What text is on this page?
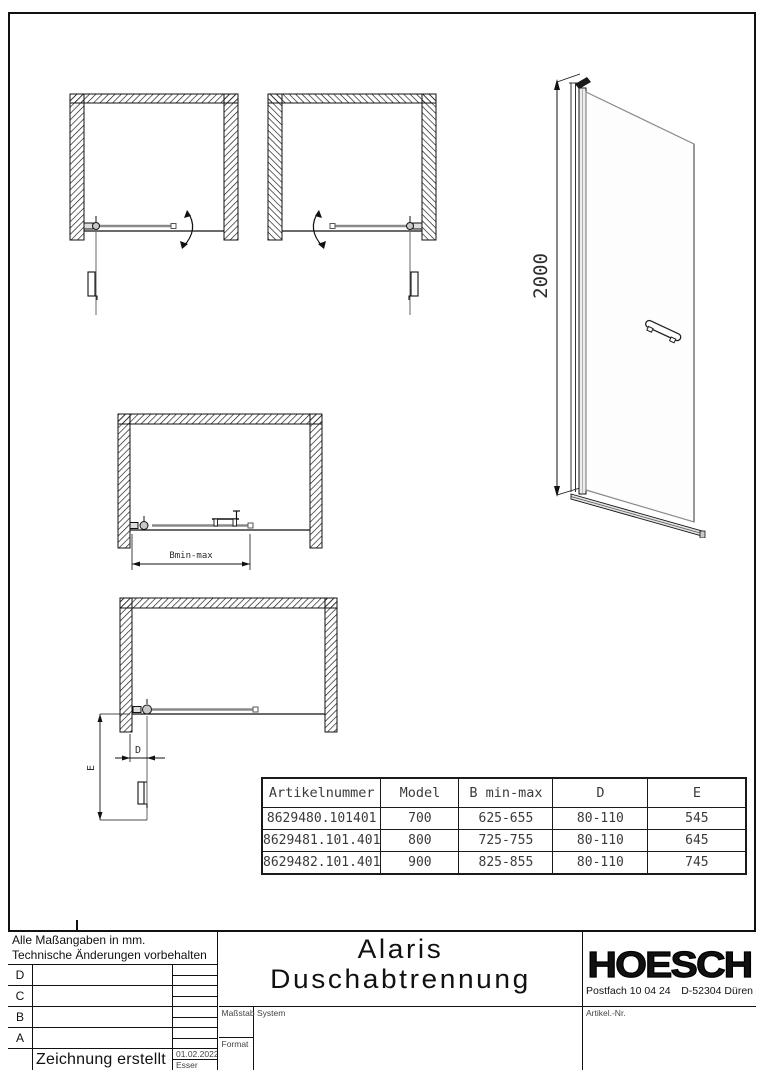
2000
Bmin-max
D
E
Artikelnummer	Model	B min-max	D	E
8629480.101401	700	625-655	80-110	545
8629481.101.401	800	725-755	80-110	645
8629482.101.401	900	825-855	80-110	745
Alle Maßangaben in mm.
Technische Änderungen vorbehalten
D
C
B
A
Zeichnung erstellt	01.02.2022
Esser
Alaris
Duschabtrennung
Maßstab
Format
System
HOESCH
Postfach 10 04 24 D-52304 Düren
Artikel.-Nr.
